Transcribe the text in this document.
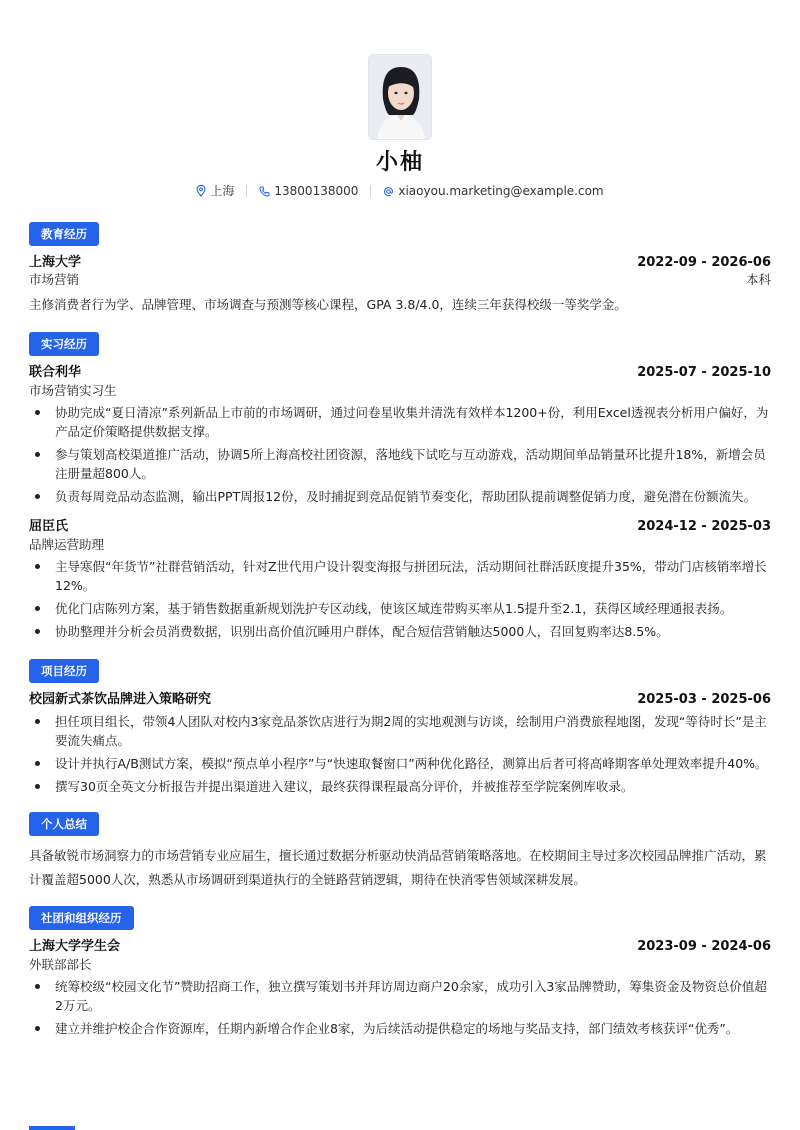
小柚
上海	13800138000	xiaoyou.marketing@example.com
教育经历
上海大学	2022-09 - 2026-06
市场营销	本科
主修消费者行为学、品牌管理、市场调查与预测等核心课程，GPA 3.8/4.0，连续三年获得校级一等奖学金。
实习经历
联合利华	2025-07 - 2025-10
市场营销实习生
协助完成“夏日清凉”系列新品上市前的市场调研，通过问卷星收集并清洗有效样本1200+份，利用Excel透视表分析用户偏好，为产品定价策略提供数据支撑。
参与策划高校渠道推广活动，协调5所上海高校社团资源，落地线下试吃与互动游戏，活动期间单品销量环比提升18%，新增会员注册量超800人。
负责每周竞品动态监测，输出PPT周报12份，及时捕捉到竞品促销节奏变化，帮助团队提前调整促销力度，避免潜在份额流失。
屈臣氏	2024-12 - 2025-03
品牌运营助理
主导寒假“年货节”社群营销活动，针对Z世代用户设计裂变海报与拼团玩法，活动期间社群活跃度提升35%，带动门店核销率增长12%。
优化门店陈列方案，基于销售数据重新规划洗护专区动线，使该区域连带购买率从1.5提升至2.1，获得区域经理通报表扬。
协助整理并分析会员消费数据，识别出高价值沉睡用户群体，配合短信营销触达5000人，召回复购率达8.5%。
项目经历
校园新式茶饮品牌进入策略研究	2025-03 - 2025-06
担任项目组长，带领4人团队对校内3家竞品茶饮店进行为期2周的实地观测与访谈，绘制用户消费旅程地图，发现“等待时长”是主要流失痛点。
设计并执行A/B测试方案，模拟“预点单小程序”与“快速取餐窗口”两种优化路径，测算出后者可将高峰期客单处理效率提升40%。
撰写30页全英文分析报告并提出渠道进入建议，最终获得课程最高分评价，并被推荐至学院案例库收录。
个人总结
具备敏锐市场洞察力的市场营销专业应届生，擅长通过数据分析驱动快消品营销策略落地。在校期间主导过多次校园品牌推广活动，累计覆盖超5000人次，熟悉从市场调研到渠道执行的全链路营销逻辑，期待在快消零售领域深耕发展。
社团和组织经历
上海大学学生会	2023-09 - 2024-06
外联部部长
统筹校级“校园文化节”赞助招商工作，独立撰写策划书并拜访周边商户20余家，成功引入3家品牌赞助，筹集资金及物资总价值超2万元。
建立并维护校企合作资源库，任期内新增合作企业8家，为后续活动提供稳定的场地与奖品支持，部门绩效考核获评“优秀”。
